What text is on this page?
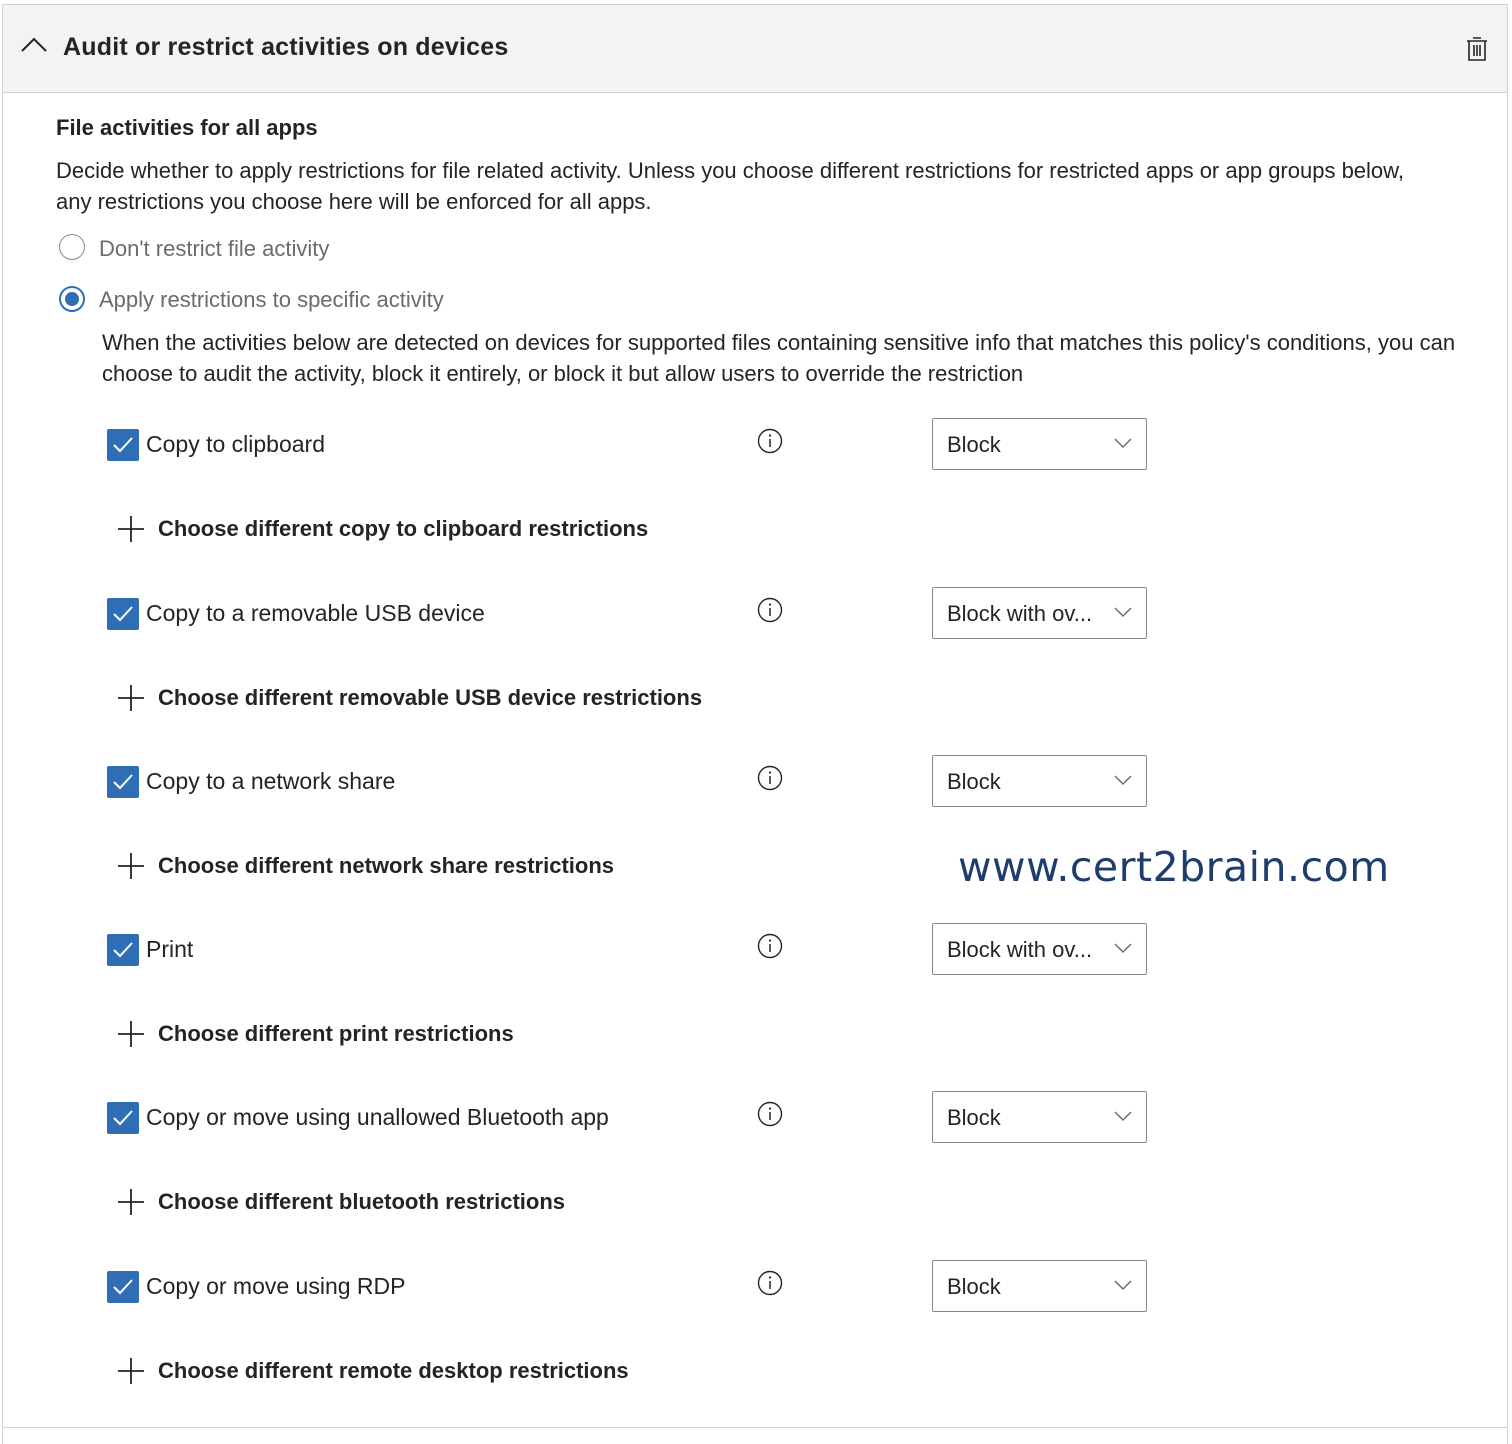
Audit or restrict activities on devices
File activities for all apps
Decide whether to apply restrictions for file related activity. Unless you choose different restrictions for restricted apps or app groups below, any restrictions you choose here will be enforced for all apps.
Don't restrict file activity
Apply restrictions to specific activity
When the activities below are detected on devices for supported files containing sensitive info that matches this policy's conditions, you can choose to audit the activity, block it entirely, or block it but allow users to override the restriction
Copy to clipboard	Block
Choose different copy to clipboard restrictions
Copy to a removable USB device	Block with ov...
Choose different removable USB device restrictions
Copy to a network share	Block
Choose different network share restrictions
Print	Block with ov...
Choose different print restrictions
Copy or move using unallowed Bluetooth app	Block
Choose different bluetooth restrictions
Copy or move using RDP	Block
Choose different remote desktop restrictions
www.cert2brain.com
